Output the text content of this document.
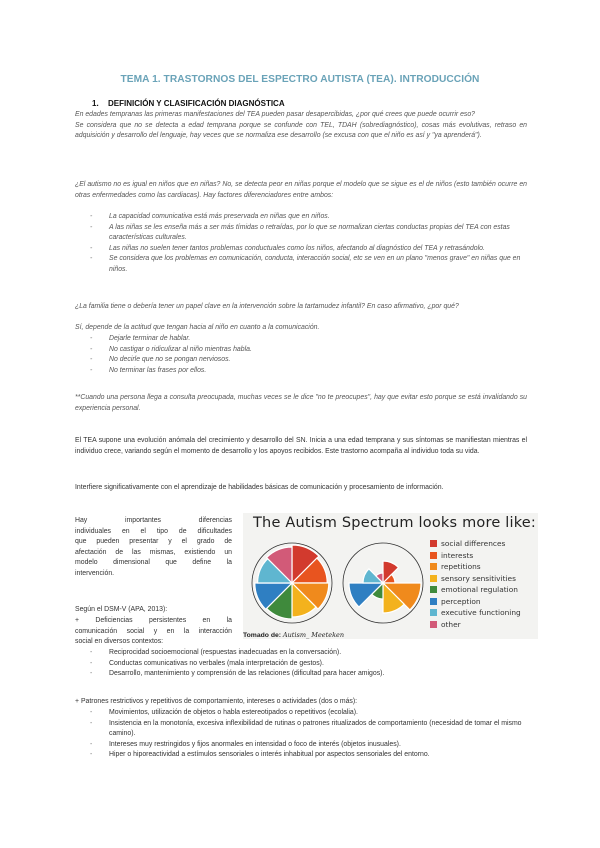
TEMA 1. TRASTORNOS DEL ESPECTRO AUTISTA (TEA). INTRODUCCIÓN
1. DEFINICIÓN Y CLASIFICACIÓN DIAGNÓSTICA

En edades tempranas las primeras manifestaciones del TEA pueden pasar desapercibidas, ¿por qué crees que puede ocurrir eso?

Se considera que no se detecta a edad temprana porque se confunde con TEL, TDAH (sobrediagnóstico), cosas más evolutivas, retraso en adquisición y desarrollo del lenguaje, hay veces que se normaliza ese desarrollo (se excusa con que el niño es así y "ya aprenderá").

¿El autismo no es igual en niños que en niñas? No, se detecta peor en niñas porque el modelo que se sigue es el de niños (esto también ocurre en otras enfermedades como las cardiacas). Hay factores diferenciadores entre ambos:
- La capacidad comunicativa está más preservada en niñas que en niños.
- A las niñas se les enseña más a ser más tímidas o retraídas, por lo que se normalizan ciertas conductas propias del TEA con estas características culturales.
- Las niñas no suelen tener tantos problemas conductuales como los niños, afectando al diagnóstico del TEA y retrasándolo.
- Se considera que los problemas en comunicación, conducta, interacción social, etc se ven en un plano "menos grave" en niñas que en niños.
¿La familia tiene o debería tener un papel clave en la intervención sobre la tartamudez infantil? En caso afirmativo, ¿por qué?
Sí, depende de la actitud que tengan hacia al niño en cuanto a la comunicación.
- Dejarle terminar de hablar.
- No castigar o ridiculizar al niño mientras habla.
- No decirle que no se pongan nerviosos.
- No terminar las frases por ellos.
**Cuando una persona llega a consulta preocupada, muchas veces se le dice "no te preocupes", hay que evitar esto porque se está invalidando su experiencia personal.
El TEA supone una evolución anómala del crecimiento y desarrollo del SN. Inicia a una edad temprana y sus síntomas se manifiestan mientras el individuo crece, variando según el momento de desarrollo y los apoyos recibidos. Este trastorno acompaña al individuo toda su vida.
Interfiere significativamente con el aprendizaje de habilidades básicas de comunicación y procesamiento de información.
Hay importantes diferencias
individuales en el tipo de dificultades
que pueden presentar y el grado de
afectación de las mismas, existiendo un
modelo dimensional que define la
intervención.
Según el DSM-V (APA, 2013):
+ Deficiencias persistentes en la
comunicación social y en la interacción
social en diversos contextos:
- Reciprocidad socioemocional (respuestas inadecuadas en la conversación).
- Conductas comunicativas no verbales (mala interpretación de gestos).
- Desarrollo, mantenimiento y comprensión de las relaciones (dificultad para hacer amigos).
+ Patrones restrictivos y repetitivos de comportamiento, intereses o actividades (dos o más):
- Movimientos, utilización de objetos o habla estereotipados o repetitivos (ecolalia).
- Insistencia en la monotonía, excesiva inflexibilidad de rutinas o patrones ritualizados de comportamiento (necesidad de tomar el mismo camino).
- Intereses muy restringidos y fijos anormales en intensidad o foco de interés (objetos inusuales).
- Hiper o hiporeactividad a estímulos sensoriales o interés inhabitual por aspectos sensoriales del entorno.
The Autism Spectrum looks more like:
social differences
interests
repetitions
sensory sensitivities
emotional regulation
perception
executive functioning
other
Tomado de: Autism_ Meeteken
